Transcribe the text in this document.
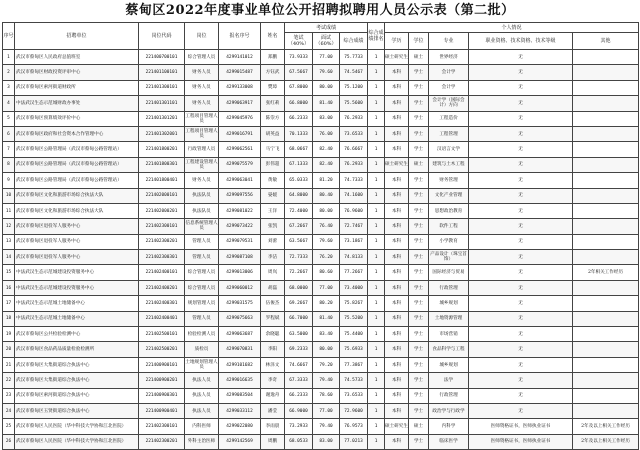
蔡甸区2022年度事业单位公开招聘拟聘用人员公示表（第二批）
序号	招聘单位	岗位代码	岗位	报名序号	姓名	考试成绩			综合成绩排名	个人情况				
						笔试（40%）	面试（60%）	综合成绩		学历	学位	专业	职业资格、技术资格、技术等级	其他
1	武汉市蔡甸区人民政府总值班室	221400700101	综合管理人员	4299141012	郑鹏	73.9333	77.00	75.7733	1	硕士研究生	硕士	世界经济	无	
2	武汉市蔡甸区财政投资评审中心	221401100101	财务人员	4299015487	方钰武	67.5667	79.60	74.5467	1	本科	学士	会计学	无	
3	武汉市蔡甸区索河街道财政所	221401300101	财务人员	4299133008	樊璋	67.8000	80.00	75.1200	1	本科	学士	会计学	无	
4	中法武汉生态示范城财政办事处	221401301101	财务人员	4299063917	张红莉	66.8000	81.40	75.5600	1	本科	学士	会计学（国际会计）方向	无	
5	武汉市蔡甸区预算绩效评价中心	221401301201	工程项目管理人员	4299045976	陈崇方	66.2333	83.00	76.2933	1	本科	学士	工程造价	无	
6	武汉市蔡甸区政府和社会资本合作管理中心	221401302001	工程项目管理人员	4299016791	胡英益	70.1333	76.00	73.6533	1	本科	学士	工程管理	无	
7	武汉市蔡甸区公路管理局（武汉市蔡甸公路管理站）	221401800201	行政管理人员	4299062561	马宁飞	68.0667	82.40	76.6667	1	本科	学士	汉语言文学	无	
8	武汉市蔡甸区公路管理局（武汉市蔡甸公路管理站）	221401800301	工程建设管理人员	4299075579	彭伟超	67.1333	82.40	76.2933	1	硕士研究生	硕士	建筑与土木工程	无	
9	武汉市蔡甸区公路管理局（武汉市蔡甸公路管理站）	221401800401	财务人员	4299063041	黄敏	65.0333	81.20	74.7333	1	本科	学士	财务管理	无	
10	武汉市蔡甸区文化和旅游市场综合执法大队	221402000101	执法队员	4299097556	晏媛	64.8000	80.40	74.1600	1	本科	学士	文化产业管理	无	
11	武汉市蔡甸区文化和旅游市场综合执法大队	221402000201	执法队员	4299081022	王洋	72.4000	80.00	76.9600	1	本科	学士	思想政治教育	无	
12	武汉市蔡甸区退役军人服务中心	221402300101	信息系统管理人员	4299073422	张凯	67.2667	76.40	72.7467	1	本科	学士	软件工程	无	
13	武汉市蔡甸区退役军人服务中心	221402300201	管理人员	4299079531	刘蕾	63.5667	79.60	73.1867	1	本科	学士	小学教育	无	
14	武汉市蔡甸区退役军人服务中心	221402300301	管理人员	4299087108	李洁	72.7333	76.20	74.8133	1	本科	学士	产品设计（珠宝首饰）	无	
15	中法武汉生态示范城建设投资服务中心	221402400101	综合管理人员	4299013006	周岚	72.2667	80.60	77.2667	1	本科	学士	国际经济与贸易	无	2年相关工作经历
16	中法武汉生态示范城建设投资服务中心	221402400201	综合管理人员	4299060012	胡磊	68.0000	77.00	73.4000	1	本科	学士	行政管理	无	
17	中法武汉生态示范城土地储备中心	221402400301	规划管理人员	4299031575	伍俊杰	69.2667	80.20	75.8267	1	本科	学士	城乡规划	无	
18	中法武汉生态示范城土地储备中心	221402400401	管理人员	4299075663	罗程斌	66.7000	81.40	75.5200	1	本科	学士	土地资源管理	无	
19	武汉市蔡甸区公共检验检测中心	221402500101	检验检测人员	4299063687	余晓聪	63.5000	83.40	75.4400	1	本科	学士	市场营销	无	
20	武汉市蔡甸区食品药品质量检验检测所	221402500201	质检员	4299070831	李阳	69.2333	80.00	75.6933	1	本科	学士	食品科学与工程	无	
21	武汉市蔡甸区大集街道综合执法中心	221400900101	土地规划管理人员	4299101682	林泽文	74.6667	79.20	77.3867	1	本科	学士	城乡规划	无	
22	武汉市蔡甸区大集街道综合执法中心	221400900201	执法人员	4299016635	李奇	67.3333	79.40	74.5733	1	本科	学士	法学	无	
23	武汉市蔡甸区索河街道综合执法中心	221400900301	执法人员	4299083504	谢逸舟	66.2333	78.60	73.6533	1	本科	学士	行政管理	无	
24	武汉市蔡甸区玉贤街道综合执法中心	221400900401	执法人员	4299033112	潘莹	66.9000	77.00	72.9600	1	本科	学士	政治学与行政学	无	
25	武汉市蔡甸区人民医院（华中科技大学协和江北医院）	221402300101	内科医师	4299022080	李雨晨	73.2933	79.40	76.9573	1	硕士研究生	硕士	内科学	医师资格证书，医师执业证书	2年及以上相关工作经历
26	武汉市蔡甸区人民医院（华中科技大学协和江北医院）	221402300201	外科主治医师	4299142569	周鹏	68.0533	83.00	77.0213	1	本科	学士	临床医学	医师资格证书，医师执业证书	2年及以上相关工作经历
